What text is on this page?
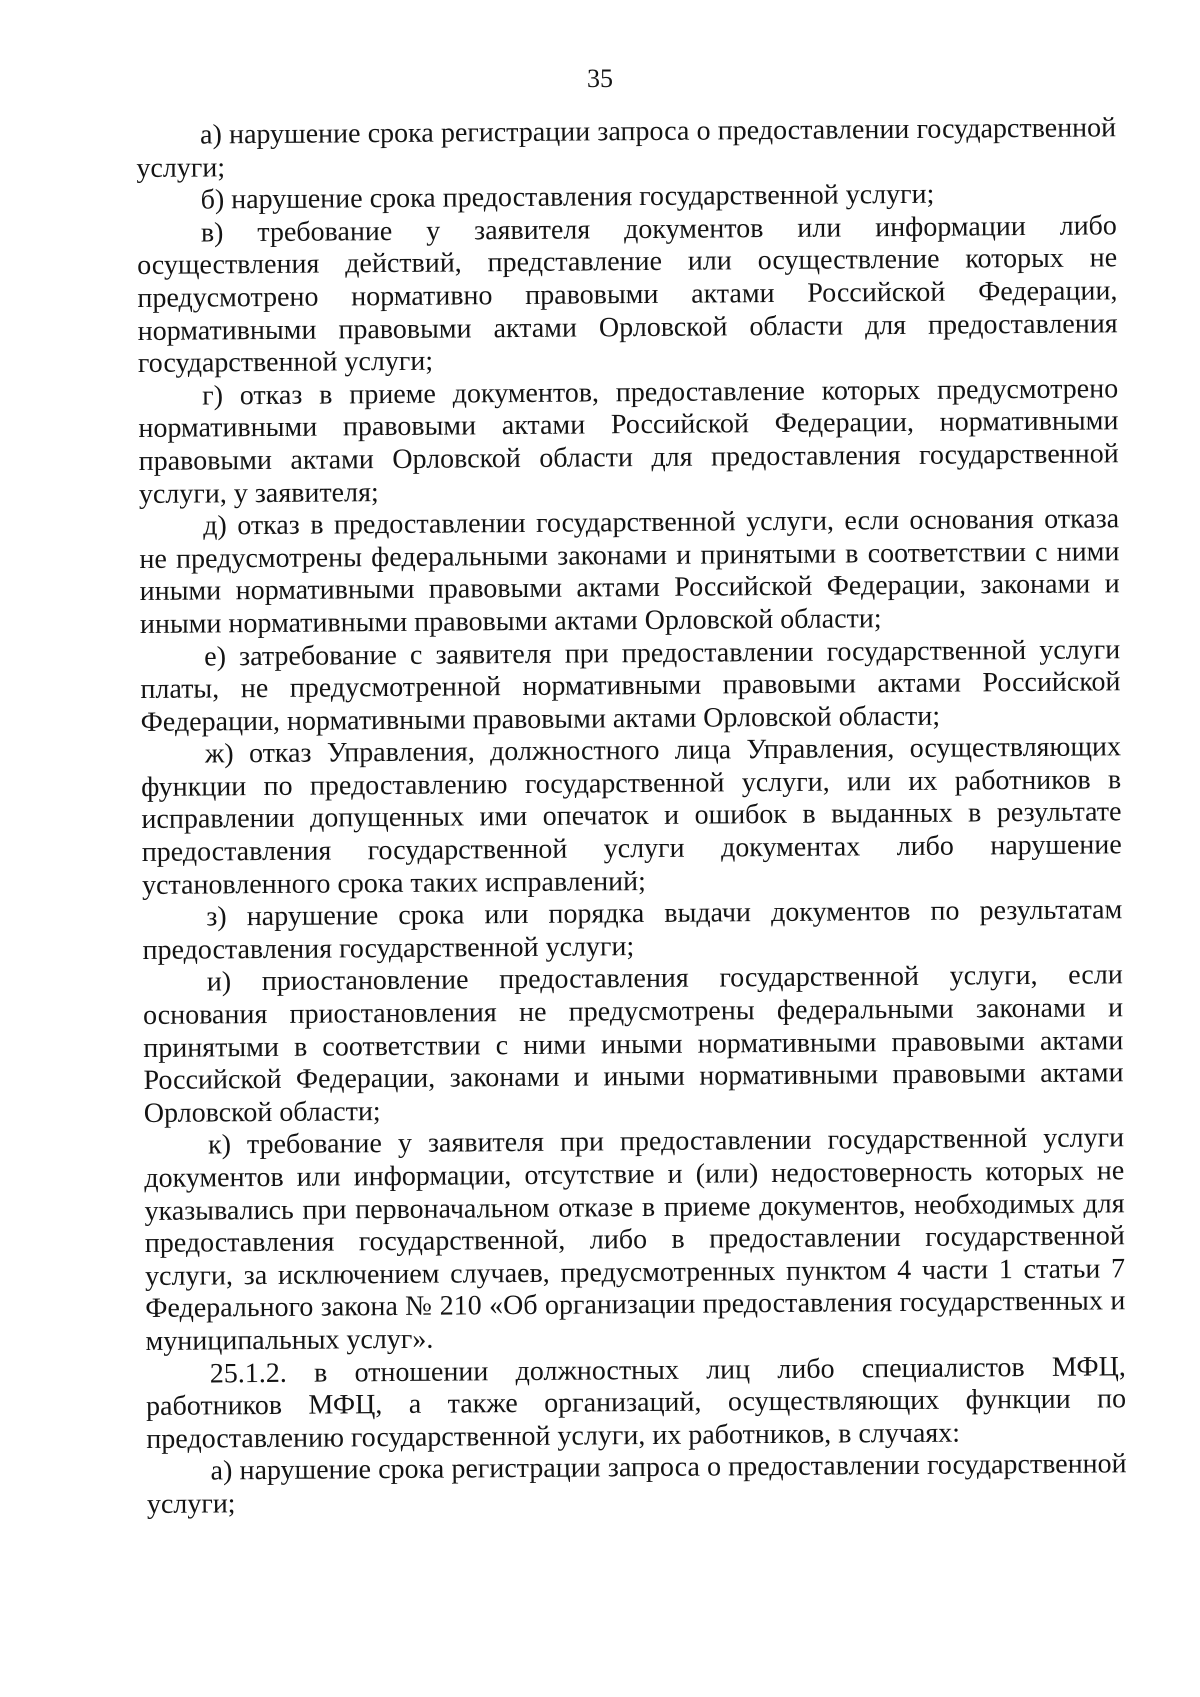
35

а) нарушение срока регистрации запроса о предоставлении государственной услуги;

б) нарушение срока предоставления государственной услуги;

в) требование у заявителя документов или информации либо осуществления действий, представление или осуществление которых не предусмотрено нормативно правовыми актами Российской Федерации, нормативными правовыми актами Орловской области для предоставления государственной услуги;

г) отказ в приеме документов, предоставление которых предусмотрено нормативными правовыми актами Российской Федерации, нормативными правовыми актами Орловской области для предоставления государственной услуги, у заявителя;

д) отказ в предоставлении государственной услуги, если основания отказа не предусмотрены федеральными законами и принятыми в соответствии с ними иными нормативными правовыми актами Российской Федерации, законами и иными нормативными правовыми актами Орловской области;

е) затребование с заявителя при предоставлении государственной услуги платы, не предусмотренной нормативными правовыми актами Российской Федерации, нормативными правовыми актами Орловской области;

ж) отказ Управления, должностного лица Управления, осуществляющих функции по предоставлению государственной услуги, или их работников в исправлении допущенных ими опечаток и ошибок в выданных в результате предоставления государственной услуги документах либо нарушение установленного срока таких исправлений;

з) нарушение срока или порядка выдачи документов по результатам предоставления государственной услуги;

и) приостановление предоставления государственной услуги, если основания приостановления не предусмотрены федеральными законами и принятыми в соответствии с ними иными нормативными правовыми актами Российской Федерации, законами и иными нормативными правовыми актами Орловской области;

к) требование у заявителя при предоставлении государственной услуги документов или информации, отсутствие и (или) недостоверность которых не указывались при первоначальном отказе в приеме документов, необходимых для предоставления государственной, либо в предоставлении государственной услуги, за исключением случаев, предусмотренных пунктом 4 части 1 статьи 7 Федерального закона № 210 «Об организации предоставления государственных и муниципальных услуг».

25.1.2. в отношении должностных лиц либо специалистов МФЦ, работников МФЦ, а также организаций, осуществляющих функции по предоставлению государственной услуги, их работников, в случаях:

а) нарушение срока регистрации запроса о предоставлении государственной услуги;
